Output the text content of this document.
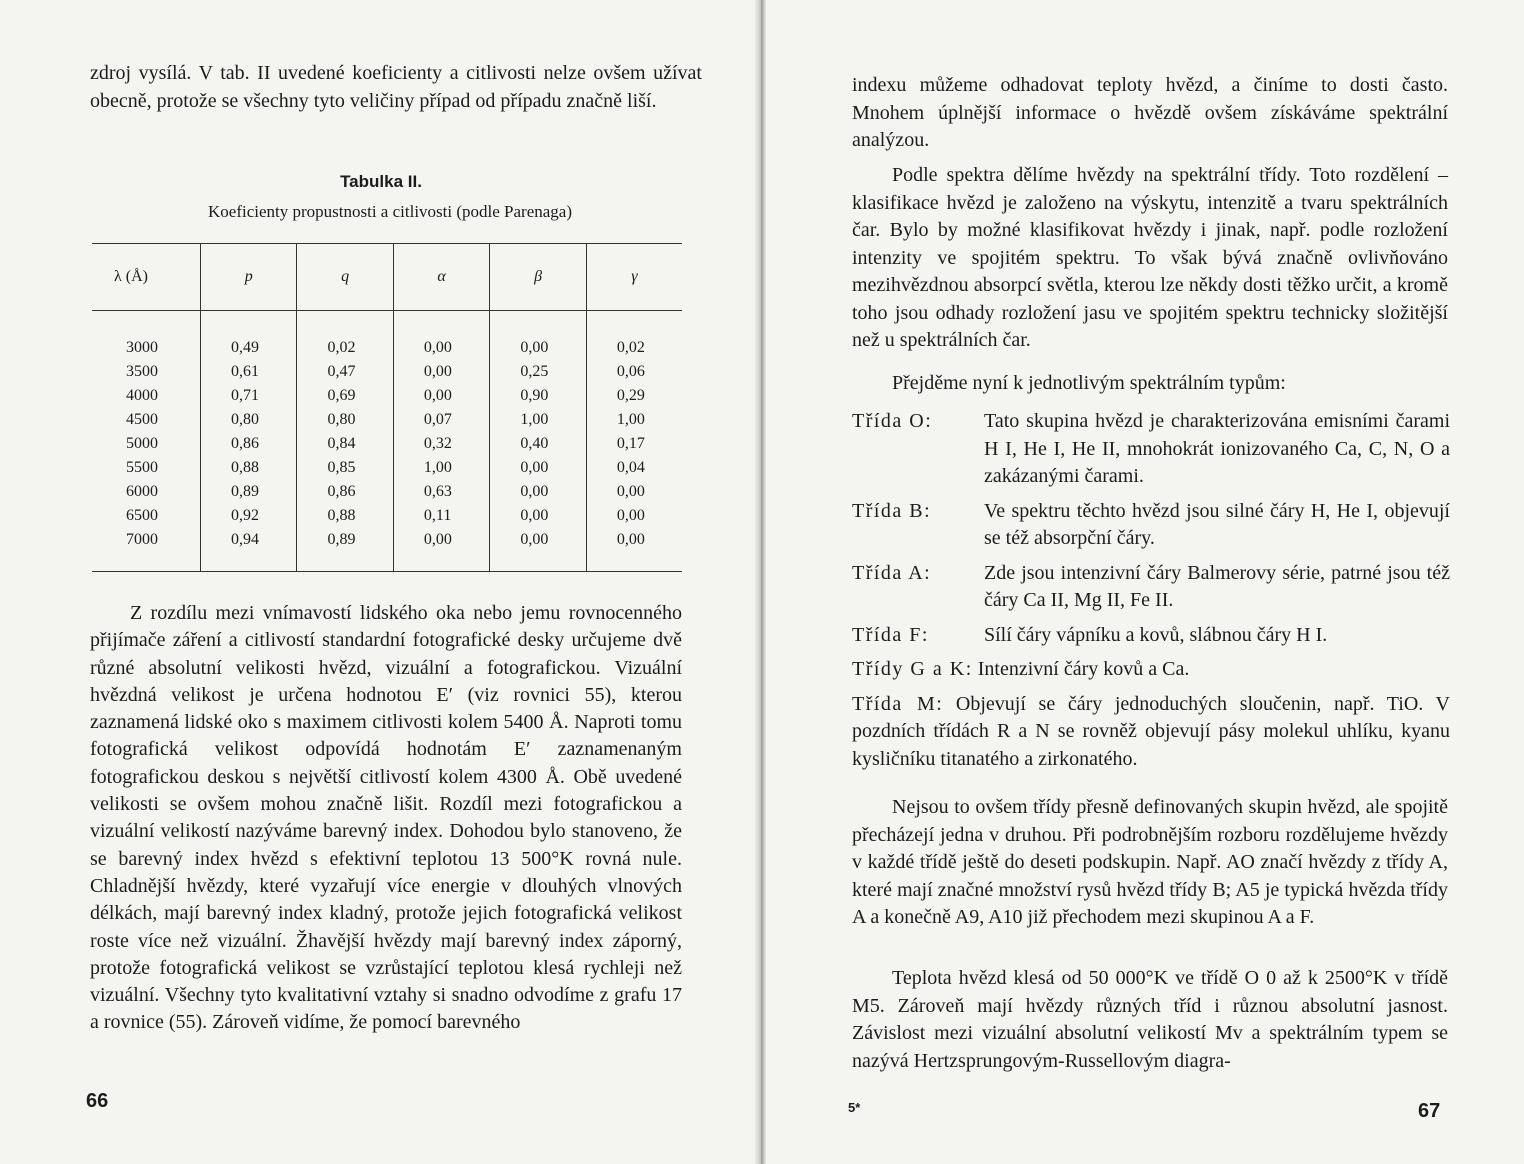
zdroj vysílá. V tab. II uvedené koeficienty a citlivosti nelze ovšem užívat obecně, protože se všechny tyto veličiny případ od případu značně liší.

Tabulka II.
Koeficienty propustnosti a citlivosti (podle Parenaga)
λ (Å)	p	q	α	β	γ
3000	0,49	0,02	0,00	0,00	0,02
3500	0,61	0,47	0,00	0,25	0,06
4000	0,71	0,69	0,00	0,90	0,29
4500	0,80	0,80	0,07	1,00	1,00
5000	0,86	0,84	0,32	0,40	0,17
5500	0,88	0,85	1,00	0,00	0,04
6000	0,89	0,86	0,63	0,00	0,00
6500	0,92	0,88	0,11	0,00	0,00
7000	0,94	0,89	0,00	0,00	0,00

Z rozdílu mezi vnímavostí lidského oka nebo jemu rovnocenného přijímače záření a citlivostí standardní fotografické desky určujeme dvě různé absolutní velikosti hvězd, vizuální a fotografickou. Vizuální hvězdná velikost je určena hodnotou E′ (viz rovnici 55), kterou zaznamená lidské oko s maximem citlivosti kolem 5400 Å. Naproti tomu fotografická velikost odpovídá hodnotám E′ zaznamenaným fotografickou deskou s největší citlivostí kolem 4300 Å. Obě uvedené velikosti se ovšem mohou značně lišit. Rozdíl mezi fotografickou a vizuální velikostí nazýváme barevný index. Dohodou bylo stanoveno, že se barevný index hvězd s efektivní teplotou 13 500°K rovná nule. Chladnější hvězdy, které vyzařují více energie v dlouhých vlnových délkách, mají barevný index kladný, protože jejich fotografická velikost roste více než vizuální. Žhavější hvězdy mají barevný index záporný, protože fotografická velikost se vzrůstající teplotou klesá rychleji než vizuální. Všechny tyto kvalitativní vztahy si snadno odvodíme z grafu 17 a rovnice (55). Zároveň vidíme, že pomocí barevného

66

indexu můžeme odhadovat teploty hvězd, a činíme to dosti často. Mnohem úplnější informace o hvězdě ovšem získáváme spektrální analýzou.

Podle spektra dělíme hvězdy na spektrální třídy. Toto rozdělení – klasifikace hvězd je založeno na výskytu, intenzitě a tvaru spektrálních čar. Bylo by možné klasifikovat hvězdy i jinak, např. podle rozložení intenzity ve spojitém spektru. To však bývá značně ovlivňováno mezihvězdnou absorpcí světla, kterou lze někdy dosti těžko určit, a kromě toho jsou odhady rozložení jasu ve spojitém spektru technicky složitější než u spektrálních čar.

Přejděme nyní k jednotlivým spektrálním typům:

Třída O:	Tato skupina hvězd je charakterizována emisními čarami H I, He I, He II, mnohokrát ionizovaného Ca, C, N, O a zakázanými čarami.
Třída B:	Ve spektru těchto hvězd jsou silné čáry H, He I, objevují se též absorpční čáry.
Třída A:	Zde jsou intenzivní čáry Balmerovy série, patrné jsou též čáry Ca II, Mg II, Fe II.
Třída F:	Sílí čáry vápníku a kovů, slábnou čáry H I.
Třídy G a K: Intenzivní čáry kovů a Ca.
Třída M: Objevují se čáry jednoduchých sloučenin, např. TiO. V pozdních třídách R a N se rovněž objevují pásy molekul uhlíku, kyanu kysličníku titanatého a zirkonatého.

Nejsou to ovšem třídy přesně definovaných skupin hvězd, ale spojitě přecházejí jedna v druhou. Při podrobnějším rozboru rozdělujeme hvězdy v každé třídě ještě do deseti podskupin. Např. AO značí hvězdy z třídy A, které mají značné množství rysů hvězd třídy B; A5 je typická hvězda třídy A a konečně A9, A10 již přechodem mezi skupinou A a F.

Teplota hvězd klesá od 50 000°K ve třídě O 0 až k 2500°K v třídě M5. Zároveň mají hvězdy různých tříd i různou absolutní jasnost. Závislost mezi vizuální absolutní velikostí Mv a spektrálním typem se nazývá Hertzsprungovým-Russellovým diagra-

5*	67
